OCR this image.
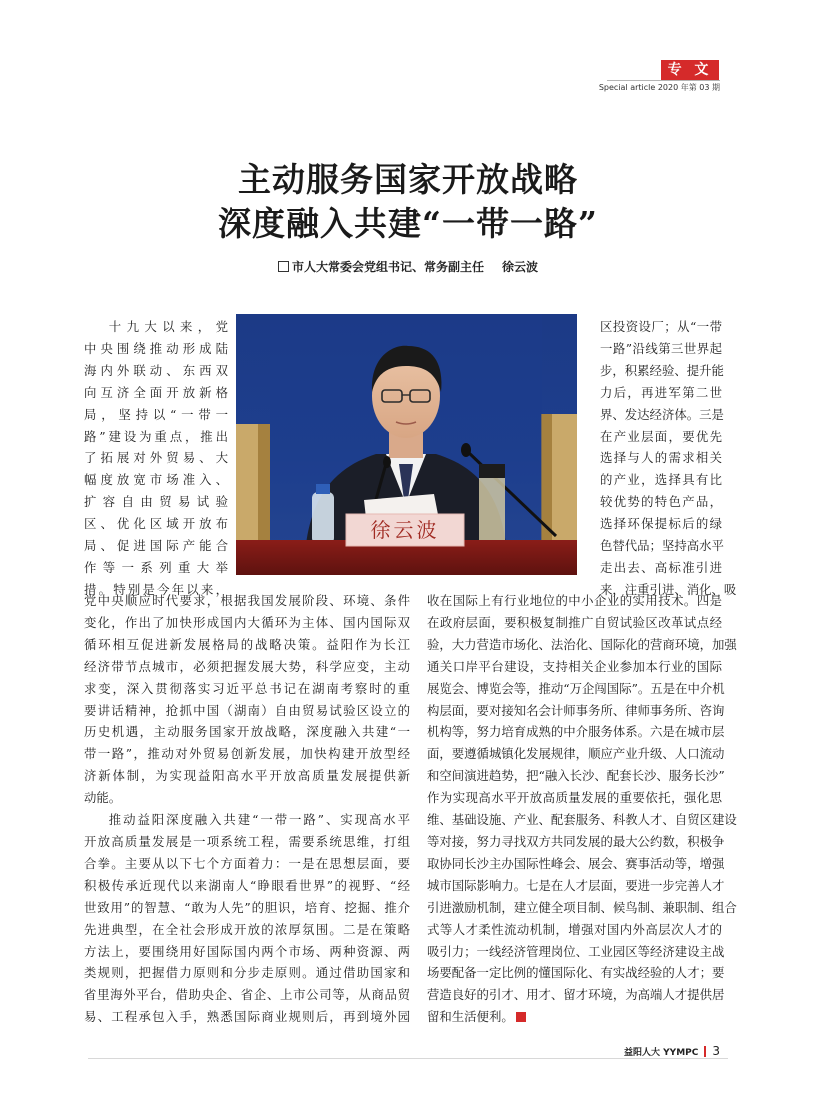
专 文
Special article 2020 年第 03 期
主动服务国家开放战略
深度融入共建“一带一路”
市人大常委会党组书记、常务副主任 徐云波
徐云波

十九大以来，党

中央围绕推动形成陆

海内外联动、东西双

向互济全面开放新格

局，坚持以“一带一

路”建设为重点，推出

了拓展对外贸易、大

幅度放宽市场准入、

扩容自由贸易试验

区、优化区域开放布

局、促进国际产能合

作等一系列重大举

措。特别是今年以来，

党中央顺应时代要求，根据我国发展阶段、环境、条件

变化，作出了加快形成国内大循环为主体、国内国际双

循环相互促进新发展格局的战略决策。益阳作为长江

经济带节点城市，必须把握发展大势，科学应变，主动

求变，深入贯彻落实习近平总书记在湖南考察时的重

要讲话精神，抢抓中国（湖南）自由贸易试验区设立的

历史机遇，主动服务国家开放战略，深度融入共建“一

带一路”，推动对外贸易创新发展，加快构建开放型经

济新体制，为实现益阳高水平开放高质量发展提供新

动能。

推动益阳深度融入共建“一带一路”、实现高水平

开放高质量发展是一项系统工程，需要系统思维，打组

合拳。主要从以下七个方面着力：一是在思想层面，要

积极传承近现代以来湖南人“睁眼看世界”的视野、“经

世致用”的智慧、“敢为人先”的胆识，培育、挖掘、推介

先进典型，在全社会形成开放的浓厚氛围。二是在策略

方法上，要围绕用好国际国内两个市场、两种资源、两

类规则，把握借力原则和分步走原则。通过借助国家和

省里海外平台，借助央企、省企、上市公司等，从商品贸

易、工程承包入手，熟悉国际商业规则后，再到境外园

区投资设厂；从“一带

一路”沿线第三世界起

步，积累经验、提升能

力后，再进军第二世

界、发达经济体。三是

在产业层面，要优先

选择与人的需求相关

的产业，选择具有比

较优势的特色产品，

选择环保提标后的绿

色替代品；坚持高水平

走出去、高标准引进

来，注重引进、消化、吸

收在国际上有行业地位的中小企业的实用技术。四是

在政府层面，要积极复制推广自贸试验区改革试点经

验，大力营造市场化、法治化、国际化的营商环境，加强

通关口岸平台建设，支持相关企业参加本行业的国际

展览会、博览会等，推动“万企闯国际”。五是在中介机

构层面，要对接知名会计师事务所、律师事务所、咨询

机构等，努力培育成熟的中介服务体系。六是在城市层

面，要遵循城镇化发展规律，顺应产业升级、人口流动

和空间演进趋势，把“融入长沙、配套长沙、服务长沙”

作为实现高水平开放高质量发展的重要依托，强化思

维、基础设施、产业、配套服务、科教人才、自贸区建设

等对接，努力寻找双方共同发展的最大公约数，积极争

取协同长沙主办国际性峰会、展会、赛事活动等，增强

城市国际影响力。七是在人才层面，要进一步完善人才

引进激励机制，建立健全项目制、候鸟制、兼职制、组合

式等人才柔性流动机制，增强对国内外高层次人才的

吸引力；一线经济管理岗位、工业园区等经济建设主战

场要配备一定比例的懂国际化、有实战经验的人才；要

营造良好的引才、用才、留才环境，为高端人才提供居

留和生活便利。

益阳人大 YYMPC 3
